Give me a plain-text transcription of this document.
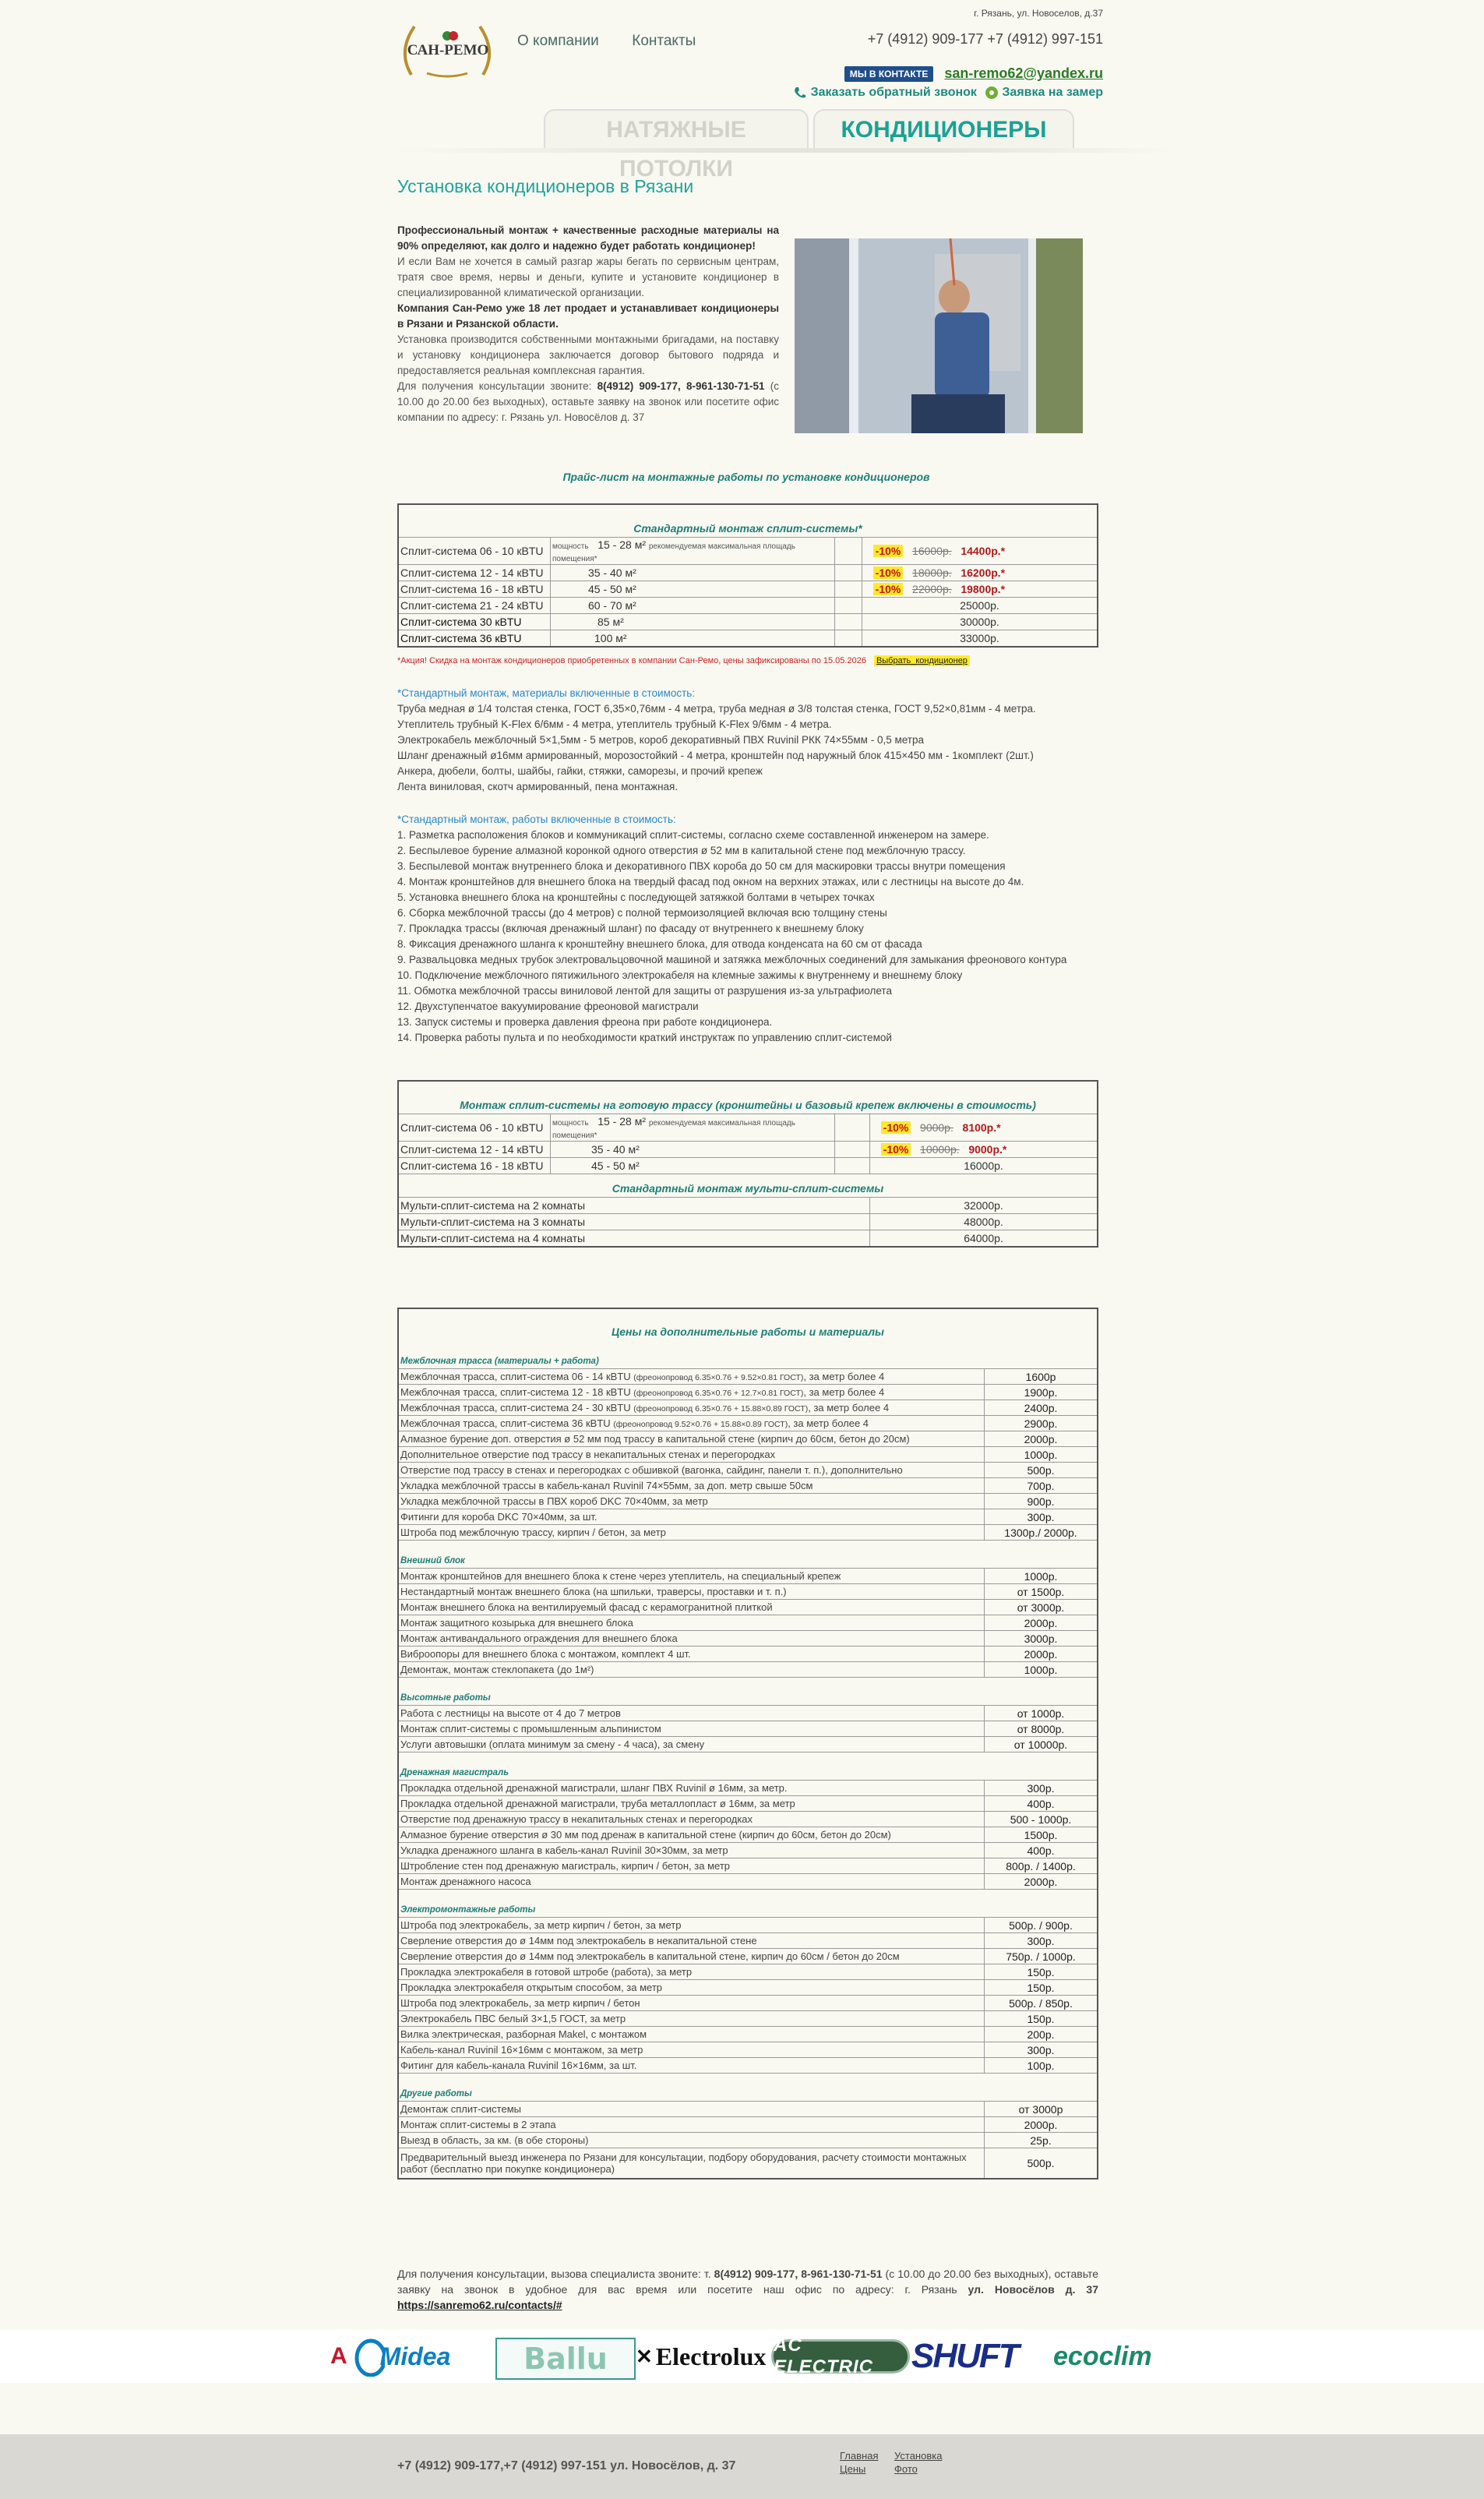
г. Рязань, ул. Новоселов, д.37
САН-РЕМО
О компании Контакты	+7 (4912) 909-177 +7 (4912) 997-151
МЫ В КОНТАКТЕ	san-remo62@yandex.ru
Заказать обратный звонок	Заявка на замер
НАТЯЖНЫЕ ПОТОЛКИ
КОНДИЦИОНЕРЫ
Установка кондиционеров в Рязани
Профессиональный монтаж + качественные расходные материалы на 90% определяют, как долго и надежно будет работать кондиционер!
И если Вам не хочется в самый разгар жары бегать по сервисным центрам, тратя свое время, нервы и деньги, купите и установите кондиционер в специализированной климатической организации.
Компания Сан-Ремо уже 18 лет продает и устанавливает кондиционеры в Рязани и Рязанской области.
Установка производится собственными монтажными бригадами, на поставку и установку кондиционера заключается договор бытового подряда и предоставляется реальная комплексная гарантия.
Для получения консультации звоните: 8(4912) 909-177, 8-961-130-71-51 (с 10.00 до 20.00 без выходных), оставьте заявку на звонок или посетите офис компании по адресу: г. Рязань ул. Новосёлов д. 37
Прайс-лист на монтажные работы по установке кондиционеров
Стандартный монтаж сплит-системы*			
Сплит-система 06 - 10 кBTU	мощность 15 - 28 м² рекомендуемая максимальная площадь помещения*		-10% 16000р. 14400р.*
Сплит-система 12 - 14 кBTU	35 - 40 м²		-10% 18000р. 16200р.*
Сплит-система 16 - 18 кBTU	45 - 50 м²		-10% 22000р. 19800р.*
Сплит-система 21 - 24 кBTU	60 - 70 м²		25000р.
Сплит-система 30 кBTU	85 м²		30000р.
Сплит-система 36 кBTU	100 м²		33000р.
*Акция! Скидка на монтаж кондиционеров приобретенных в компании Сан-Ремо, цены зафиксированы по 15.05.2026 Выбрать_кондиционер
*Стандартный монтаж, материалы включенные в стоимость:
Труба медная ø 1/4 толстая стенка, ГОСТ 6,35×0,76мм - 4 метра, труба медная ø 3/8 толстая стенка, ГОСТ 9,52×0,81мм - 4 метра.
Утеплитель трубный K-Flex 6/6мм - 4 метра, утеплитель трубный K-Flex 9/6мм - 4 метра.
Электрокабель межблочный 5×1,5мм - 5 метров, короб декоративный ПВХ Ruvinil РКК 74×55мм - 0,5 метра
Шланг дренажный ø16мм армированный, морозостойкий - 4 метра, кронштейн под наружный блок 415×450 мм - 1комплект (2шт.)
Анкера, дюбели, болты, шайбы, гайки, стяжки, саморезы, и прочий крепеж
Лента виниловая, скотч армированный, пена монтажная.
*Стандартный монтаж, работы включенные в стоимость:
1. Разметка расположения блоков и коммуникаций сплит-системы, согласно схеме составленной инженером на замере.
2. Беспылевое бурение алмазной коронкой одного отверстия ø 52 мм в капитальной стене под межблочную трассу.
3. Беспылевой монтаж внутреннего блока и декоративного ПВХ короба до 50 см для маскировки трассы внутри помещения
4. Монтаж кронштейнов для внешнего блока на твердый фасад под окном на верхних этажах, или с лестницы на высоте до 4м.
5. Установка внешнего блока на кронштейны с последующей затяжкой болтами в четырех точках
6. Сборка межблочной трассы (до 4 метров) с полной термоизоляцией включая всю толщину стены
7. Прокладка трассы (включая дренажный шланг) по фасаду от внутреннего к внешнему блоку
8. Фиксация дренажного шланга к кронштейну внешнего блока, для отвода конденсата на 60 см от фасада
9. Развальцовка медных трубок электровальцовочной машиной и затяжка межблочных соединений для замыкания фреонового контура
10. Подключение межблочного пятижильного электрокабеля на клемные зажимы к внутреннему и внешнему блоку
11. Обмотка межблочной трассы виниловой лентой для защиты от разрушения из-за ультрафиолета
12. Двухступенчатое вакуумирование фреоновой магистрали
13. Запуск системы и проверка давления фреона при работе кондиционера.
14. Проверка работы пульта и по необходимости краткий инструктаж по управлению сплит-системой
Монтаж сплит-системы на готовую трассу (кронштейны и базовый крепеж включены в стоимость)			
Сплит-система 06 - 10 кBTU	мощность 15 - 28 м² рекомендуемая максимальная площадь помещения*		-10% 9000р. 8100р.*
Сплит-система 12 - 14 кBTU	35 - 40 м²		-10% 10000р. 9000р.*
Сплит-система 16 - 18 кBTU	45 - 50 м²		16000р.
Стандартный монтаж мульти-сплит-системы			
Мульти-сплит-система на 2 комнаты			32000р.
Мульти-сплит-система на 3 комнаты			48000р.
Мульти-сплит-система на 4 комнаты			64000р.
Цены на дополнительные работы и материалы	
Межблочная трасса (материалы + работа)	
Межблочная трасса, сплит-система 06 - 14 кBTU (фреонопровод 6.35×0.76 + 9.52×0.81 ГОСТ), за метр более 4	1600р
Межблочная трасса, сплит-система 12 - 18 кBTU (фреонопровод 6.35×0.76 + 12.7×0.81 ГОСТ), за метр более 4	1900р.
Межблочная трасса, сплит-система 24 - 30 кBTU (фреонопровод 6.35×0.76 + 15.88×0.89 ГОСТ), за метр более 4	2400р.
Межблочная трасса, сплит-система 36 кBTU (фреонопровод 9.52×0.76 + 15.88×0.89 ГОСТ), за метр более 4	2900р.
Алмазное бурение доп. отверстия ø 52 мм под трассу в капитальной стене (кирпич до 60см, бетон до 20см)	2000р.
Дополнительное отверстие под трассу в некапитальных стенах и перегородках	1000р.
Отверстие под трассу в стенах и перегородках с обшивкой (вагонка, сайдинг, панели т. п.), дополнительно	500р.
Укладка межблочной трассы в кабель-канал Ruvinil 74×55мм, за доп. метр свыше 50см	700р.
Укладка межблочной трассы в ПВХ короб DKC 70×40мм, за метр	900р.
Фитинги для короба DKC 70×40мм, за шт.	300р.
Штроба под межблочную трассу, кирпич / бетон, за метр	1300р./ 2000р.
Внешний блок	
Монтаж кронштейнов для внешнего блока к стене через утеплитель, на специальный крепеж	1000р.
Нестандартный монтаж внешнего блока (на шпильки, траверсы, проставки и т. п.)	от 1500р.
Монтаж внешнего блока на вентилируемый фасад с керамогранитной плиткой	от 3000р.
Монтаж защитного козырька для внешнего блока	2000р.
Монтаж антивандального ограждения для внешнего блока	3000р.
Виброопоры для внешнего блока с монтажом, комплект 4 шт.	2000р.
Демонтаж, монтаж стеклопакета (до 1м²)	1000р.
Высотные работы	
Работа с лестницы на высоте от 4 до 7 метров	от 1000р.
Монтаж сплит-системы с промышленным альпинистом	от 8000р.
Услуги автовышки (оплата минимум за смену - 4 часа), за смену	от 10000р.
Дренажная магистраль	
Прокладка отдельной дренажной магистрали, шланг ПВХ Ruvinil ø 16мм, за метр.	300р.
Прокладка отдельной дренажной магистрали, труба металлопласт ø 16мм, за метр	400р.
Отверстие под дренажную трассу в некапитальных стенах и перегородках	500 - 1000р.
Алмазное бурение отверстия ø 30 мм под дренаж в капитальной стене (кирпич до 60см, бетон до 20см)	1500р.
Укладка дренажного шланга в кабель-канал Ruvinil 30×30мм, за метр	400р.
Штробление стен под дренажную магистраль, кирпич / бетон, за метр	800р. / 1400р.
Монтаж дренажного насоса	2000р.
Электромонтажные работы	
Штроба под электрокабель, за метр кирпич / бетон, за метр	500р. / 900р.
Сверление отверстия до ø 14мм под электрокабель в некапитальной стене	300р.
Сверление отверстия до ø 14мм под электрокабель в капитальной стене, кирпич до 60см / бетон до 20см	750р. / 1000р.
Прокладка электрокабеля в готовой штробе (работа), за метр	150р.
Прокладка электрокабеля открытым способом, за метр	150р.
Штроба под электрокабель, за метр кирпич / бетон	500р. / 850р.
Электрокабель ПВС белый 3×1,5 ГОСТ, за метр	150р.
Вилка электрическая, разборная Makel, с монтажом	200р.
Кабель-канал Ruvinil 16×16мм с монтажом, за метр	300р.
Фитинг для кабель-канала Ruvinil 16×16мм, за шт.	100р.
Другие работы	
Демонтаж сплит-системы	от 3000р
Монтаж сплит-системы в 2 этапа	2000р.
Выезд в область, за км. (в обе стороны)	25р.
Предварительный выезд инженера по Рязани для консультации, подбору оборудования, расчету стоимости монтажных работ (бесплатно при покупке кондиционера)	500р.
Для получения консультации, вызова специалиста звоните: т. 8(4912) 909-177, 8-961-130-71-51 (с 10.00 до 20.00 без выходных), оставьте заявку на звонок в удобное для вас время или посетите наш офис по адресу: г. Рязань ул. Новосёлов д. 37 https://sanremo62.ru/contacts/#
A Midea Ballu ✕ Electrolux AC ELECTRIC	SHUFT ecoclim
+7 (4912) 909-177,+7 (4912) 997-151 ул. Новосёлов, д. 37
Главная	Установка
Цены	Фото
